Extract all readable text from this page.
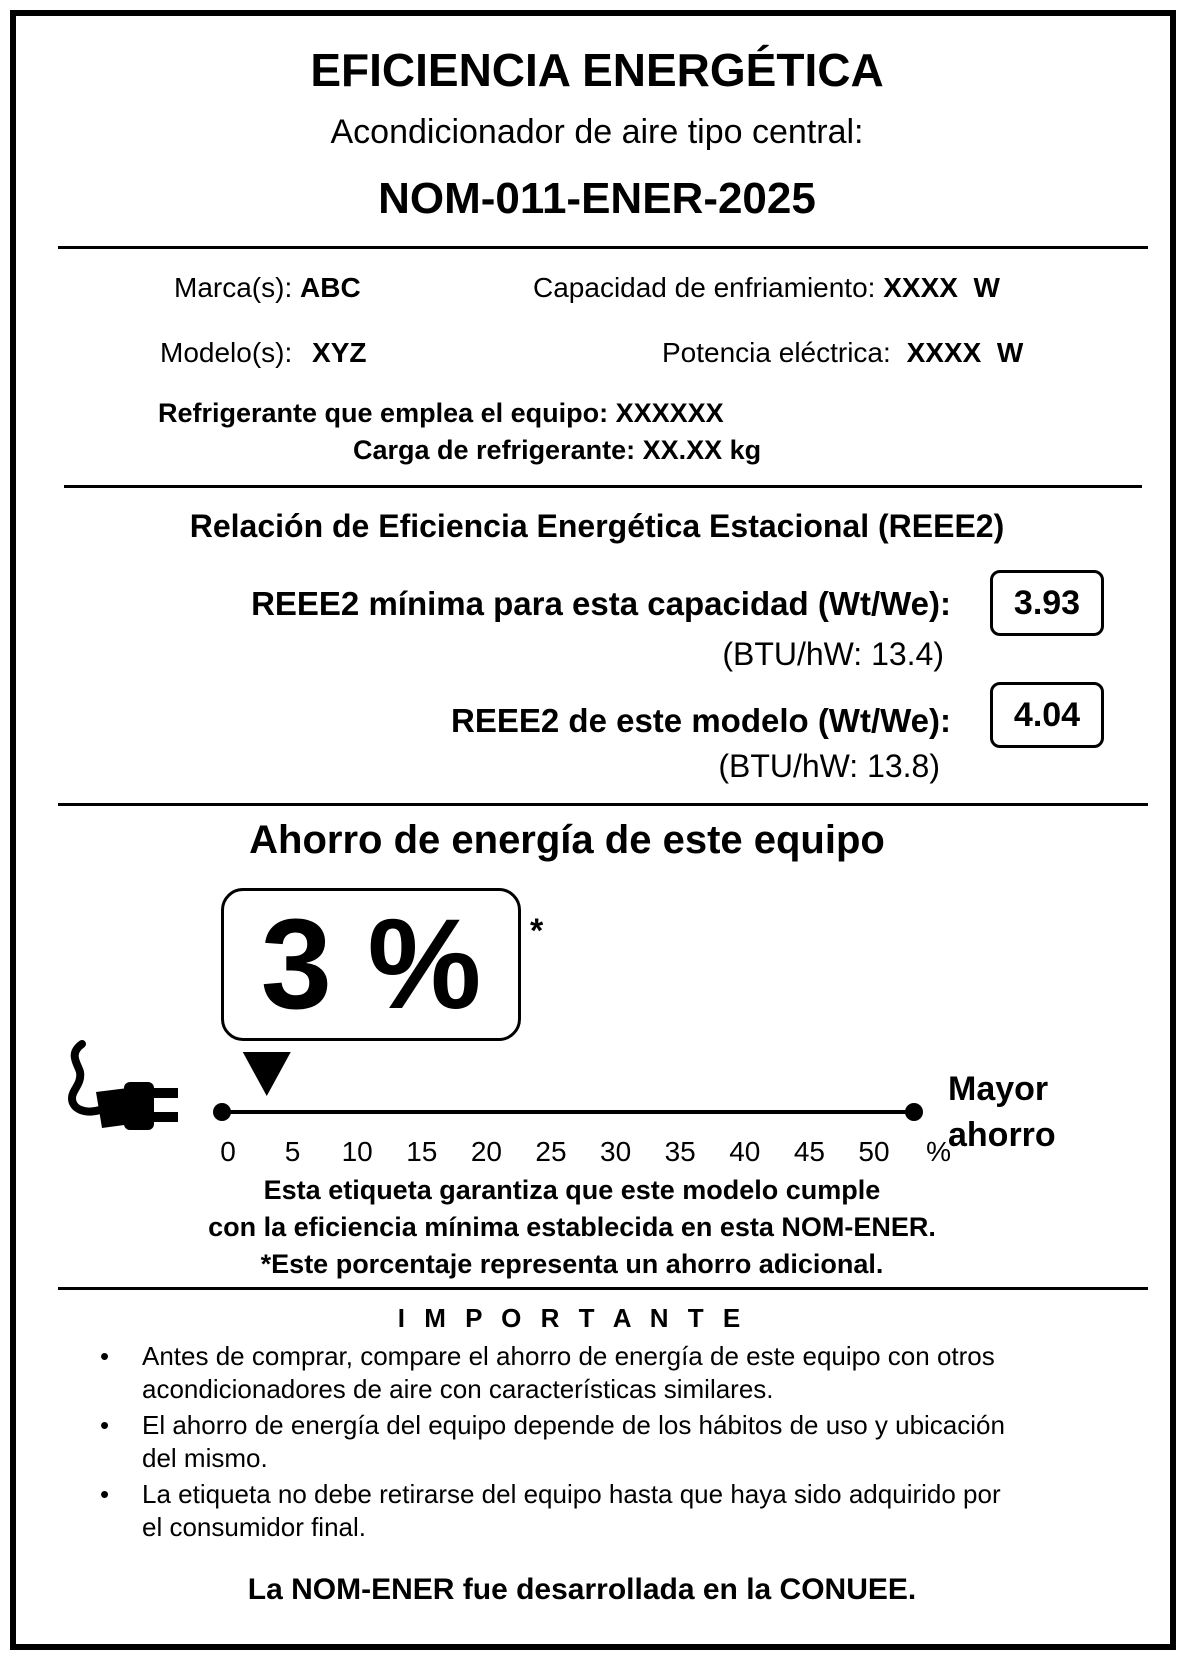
EFICIENCIA ENERGÉTICA
Acondicionador de aire tipo central:
NOM-011-ENER-2025
Marca(s): ABC	Capacidad de enfriamiento: XXXX  W
Modelo(s): XYZ	Potencia eléctrica: XXXX  W
Refrigerante que emplea el equipo: XXXXXX
Carga de refrigerante: XX.XX kg
Relación de Eficiencia Energética Estacional (REEE2)
REEE2 mínima para esta capacidad (Wt/We): 3.93
(BTU/hW: 13.4)
REEE2 de este modelo (Wt/We): 4.04
(BTU/hW: 13.8)
Ahorro de energía de este equipo
3 % *
0	5	10	15	20	25	30	35	40	45	50	%
Mayor
ahorro
Esta etiqueta garantiza que este modelo cumple
con la eficiencia mínima establecida en esta NOM-ENER.
*Este porcentaje representa un ahorro adicional.
I M P O R T A N T E
• Antes de comprar, compare el ahorro de energía de este equipo con otros
acondicionadores de aire con características similares.
• El ahorro de energía del equipo depende de los hábitos de uso y ubicación
del mismo.
• La etiqueta no debe retirarse del equipo hasta que haya sido adquirido por
el consumidor final.
La NOM-ENER fue desarrollada en la CONUEE.
